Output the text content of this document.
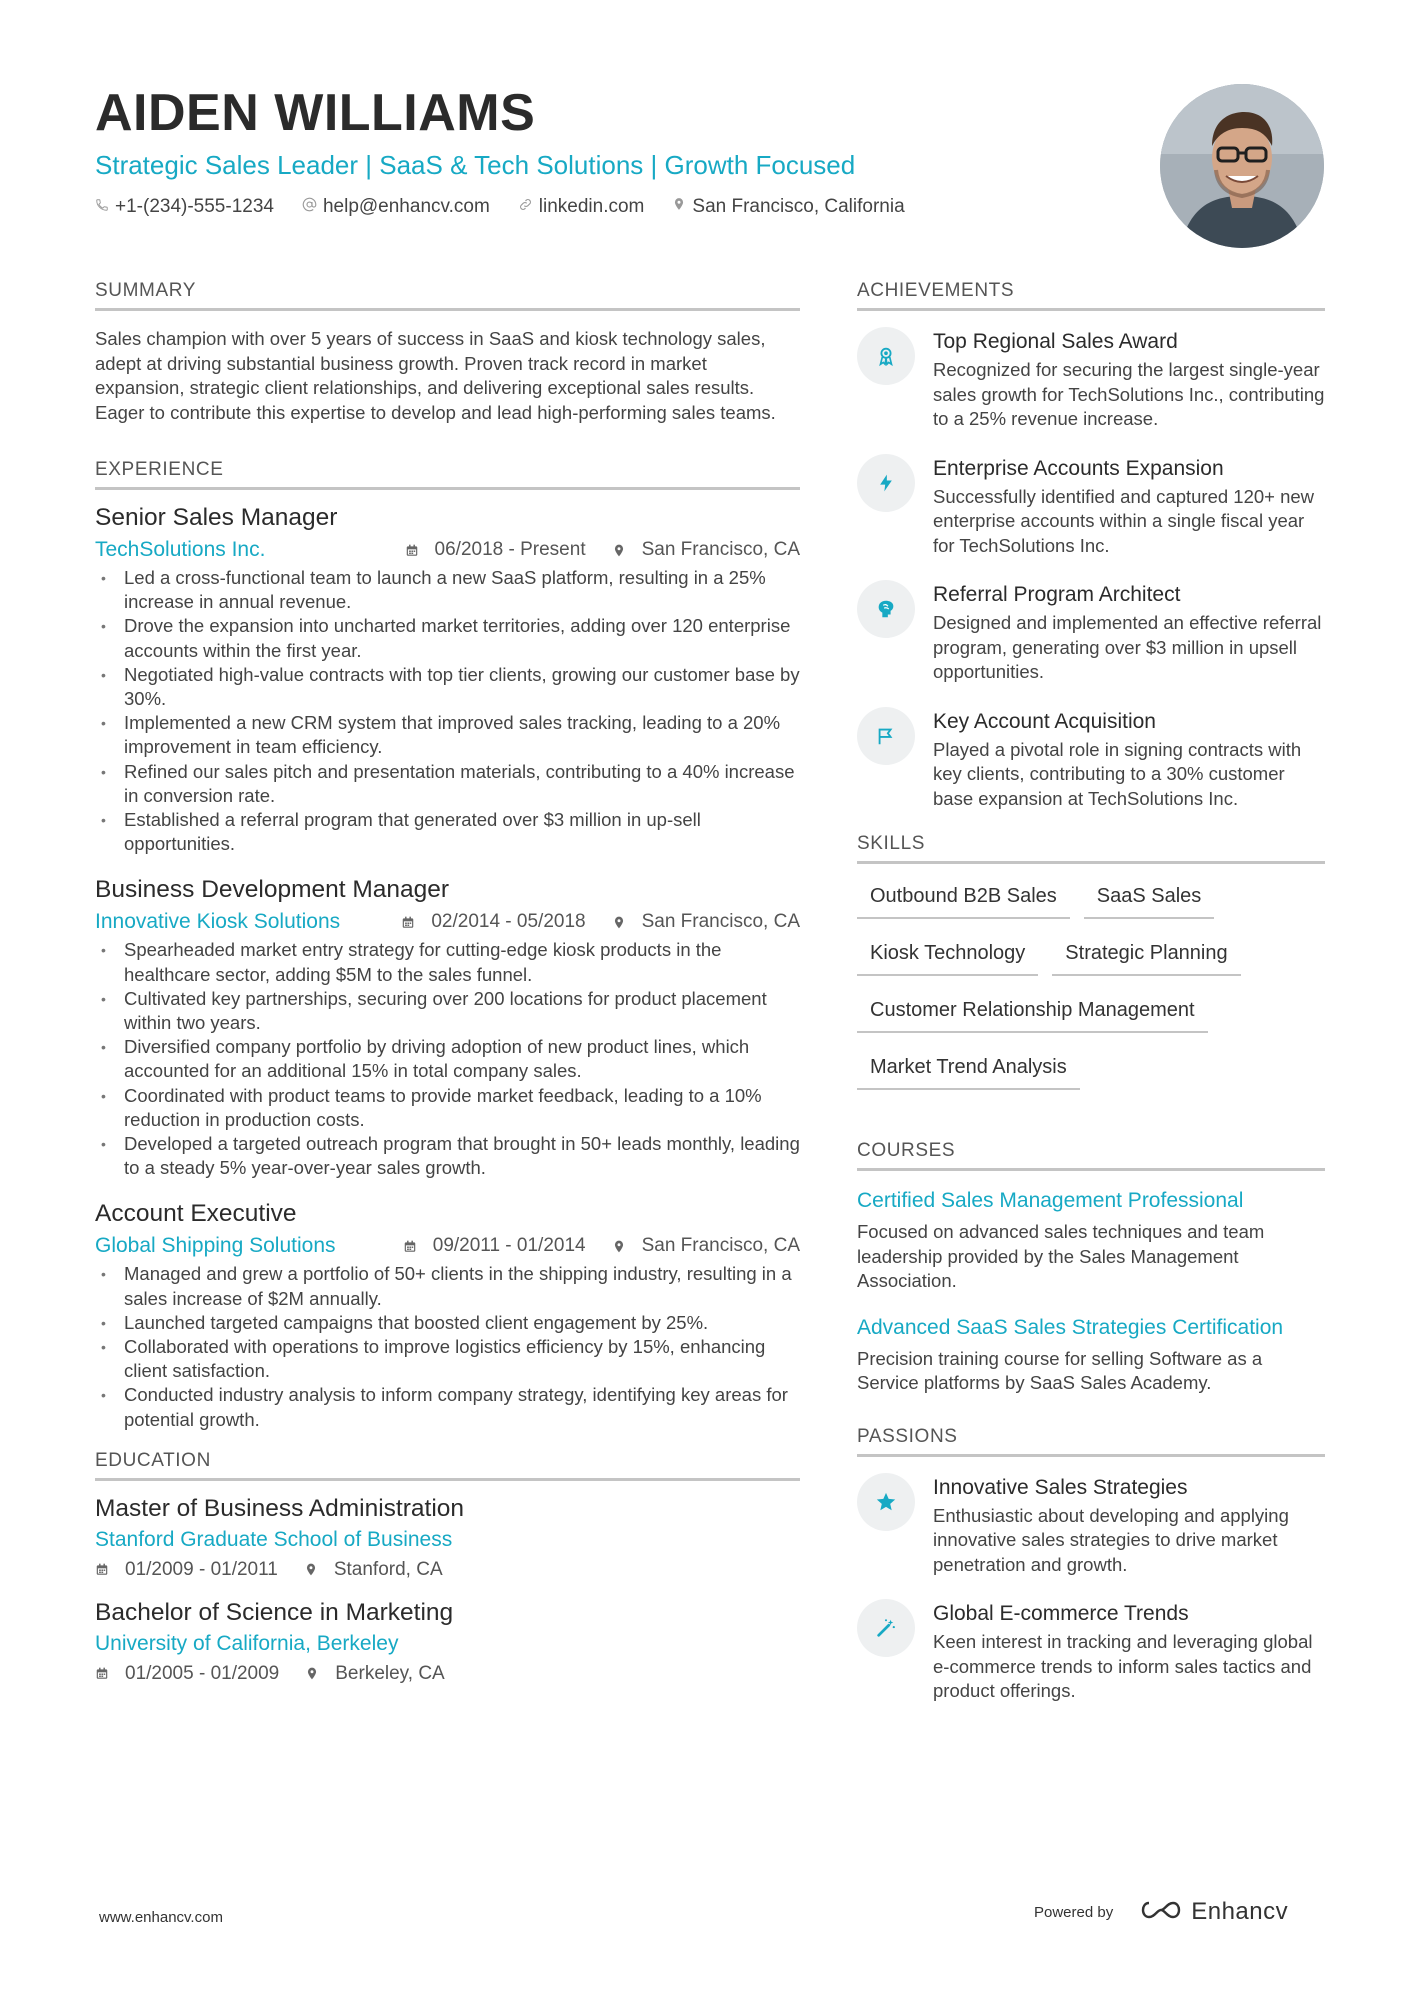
AIDEN WILLIAMS
Strategic Sales Leader | SaaS & Tech Solutions | Growth Focused
+1-(234)-555-1234	help@enhancv.com	linkedin.com	San Francisco, California
SUMMARY
Sales champion with over 5 years of success in SaaS and kiosk technology sales, adept at driving substantial business growth. Proven track record in market expansion, strategic client relationships, and delivering exceptional sales results. Eager to contribute this expertise to develop and lead high-performing sales teams.
EXPERIENCE
Senior Sales Manager
TechSolutions Inc.	06/2018 - Present	San Francisco, CA
• Led a cross-functional team to launch a new SaaS platform, resulting in a 25% increase in annual revenue.
• Drove the expansion into uncharted market territories, adding over 120 enterprise accounts within the first year.
• Negotiated high-value contracts with top tier clients, growing our customer base by 30%.
• Implemented a new CRM system that improved sales tracking, leading to a 20% improvement in team efficiency.
• Refined our sales pitch and presentation materials, contributing to a 40% increase in conversion rate.
• Established a referral program that generated over $3 million in up-sell opportunities.
Business Development Manager
Innovative Kiosk Solutions	02/2014 - 05/2018	San Francisco, CA
• Spearheaded market entry strategy for cutting-edge kiosk products in the healthcare sector, adding $5M to the sales funnel.
• Cultivated key partnerships, securing over 200 locations for product placement within two years.
• Diversified company portfolio by driving adoption of new product lines, which accounted for an additional 15% in total company sales.
• Coordinated with product teams to provide market feedback, leading to a 10% reduction in production costs.
• Developed a targeted outreach program that brought in 50+ leads monthly, leading to a steady 5% year-over-year sales growth.
Account Executive
Global Shipping Solutions	09/2011 - 01/2014	San Francisco, CA
• Managed and grew a portfolio of 50+ clients in the shipping industry, resulting in a sales increase of $2M annually.
• Launched targeted campaigns that boosted client engagement by 25%.
• Collaborated with operations to improve logistics efficiency by 15%, enhancing client satisfaction.
• Conducted industry analysis to inform company strategy, identifying key areas for potential growth.
EDUCATION
Master of Business Administration
Stanford Graduate School of Business
01/2009 - 01/2011	Stanford, CA
Bachelor of Science in Marketing
University of California, Berkeley
01/2005 - 01/2009	Berkeley, CA
ACHIEVEMENTS
Top Regional Sales Award
Recognized for securing the largest single-year sales growth for TechSolutions Inc., contributing to a 25% revenue increase.
Enterprise Accounts Expansion
Successfully identified and captured 120+ new enterprise accounts within a single fiscal year for TechSolutions Inc.
Referral Program Architect
Designed and implemented an effective referral program, generating over $3 million in upsell opportunities.
Key Account Acquisition
Played a pivotal role in signing contracts with key clients, contributing to a 30% customer base expansion at TechSolutions Inc.
SKILLS
Outbound B2B Sales	SaaS Sales
Kiosk Technology	Strategic Planning
Customer Relationship Management
Market Trend Analysis
COURSES
Certified Sales Management Professional
Focused on advanced sales techniques and team leadership provided by the Sales Management Association.
Advanced SaaS Sales Strategies Certification
Precision training course for selling Software as a Service platforms by SaaS Sales Academy.
PASSIONS
Innovative Sales Strategies
Enthusiastic about developing and applying innovative sales strategies to drive market penetration and growth.
Global E-commerce Trends
Keen interest in tracking and leveraging global e-commerce trends to inform sales tactics and product offerings.
www.enhancv.com	Powered by	Enhancv
